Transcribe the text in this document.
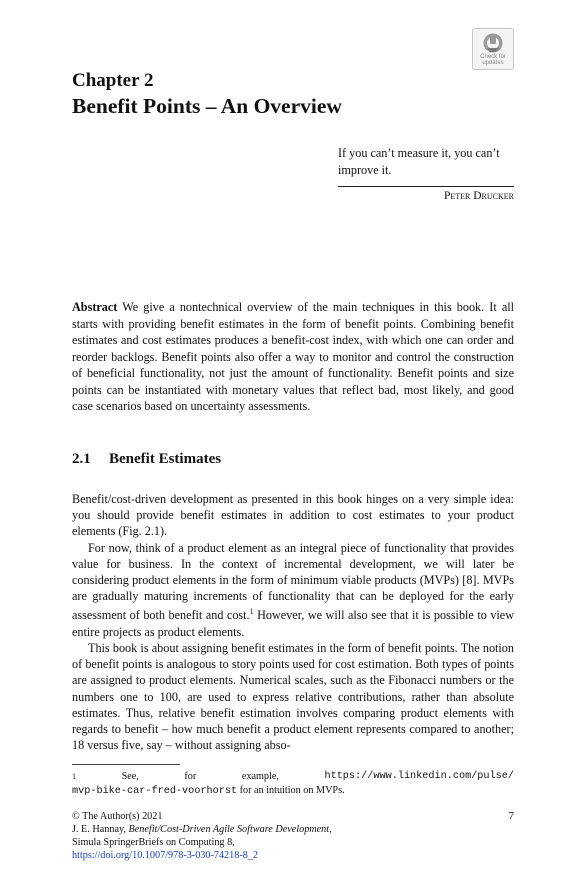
Check for
updates
Chapter 2
Benefit Points – An Overview
If you can’t measure it, you can’t improve it.
Peter Drucker
Abstract We give a nontechnical overview of the main techniques in this book. It all starts with providing benefit estimates in the form of benefit points. Combining benefit estimates and cost estimates produces a benefit-cost index, with which one can order and reorder backlogs. Benefit points also offer a way to monitor and control the construction of beneficial functionality, not just the amount of functionality. Benefit points and size points can be instantiated with monetary values that reflect bad, most likely, and good case scenarios based on uncertainty assessments.
2.1 Benefit Estimates

Benefit/cost-driven development as presented in this book hinges on a very simple idea: you should provide benefit estimates in addition to cost estimates to your product elements (Fig. 2.1).

For now, think of a product element as an integral piece of functionality that provides value for business. In the context of incremental development, we will later be considering product elements in the form of minimum viable products (MVPs) [8]. MVPs are gradually maturing increments of functionality that can be deployed for the early assessment of both benefit and cost.$^1$ However, we will also see that it is possible to view entire projects as product elements.

This book is about assigning benefit estimates in the form of benefit points. The notion of benefit points is analogous to story points used for cost estimation. Both types of points are assigned to product elements. Numerical scales, such as the Fibonacci numbers or the numbers one to 100, are used to express relative contributions, rather than absolute estimates. Thus, relative benefit estimation involves comparing product elements with regards to benefit – how much benefit a product element represents compared to another; 18 versus five, say – without assigning abso-

1	See,	for	example,	https://www.linkedin.com/pulse/
mvp-bike-car-fred-voorhorst for an intuition on MVPs.
© The Author(s) 2021	7
J. E. Hannay, Benefit/Cost-Driven Agile Software Development,
Simula SpringerBriefs on Computing 8,
https://doi.org/10.1007/978-3-030-74218-8_2
